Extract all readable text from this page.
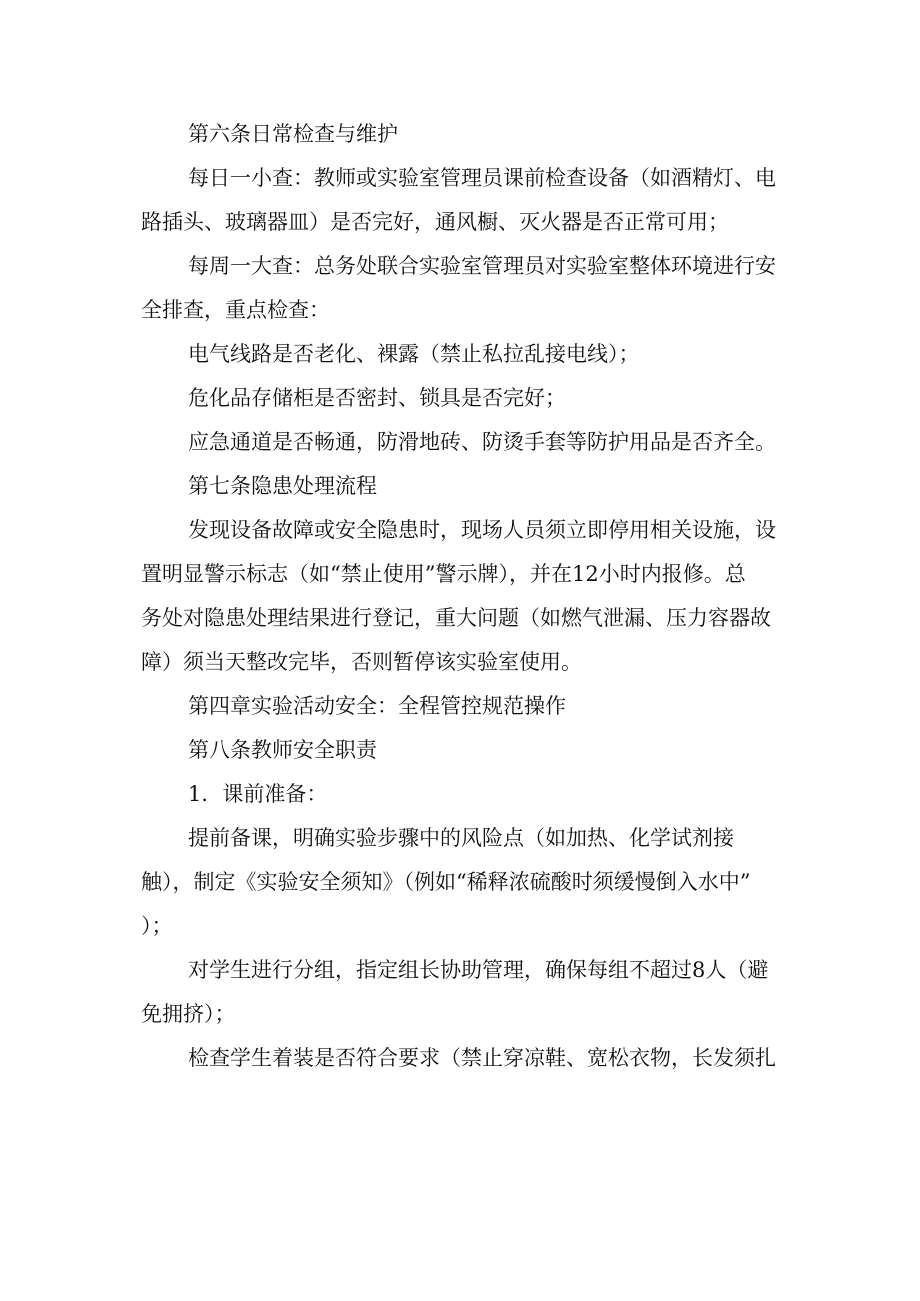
第六条日常检查与维护

每日一小查：教师或实验室管理员课前检查设备（如酒精灯、电
路插头、玻璃器皿）是否完好，通风橱、灭火器是否正常可用；

每周一大查：总务处联合实验室管理员对实验室整体环境进行安
全排查，重点检查：

电气线路是否老化、裸露（禁止私拉乱接电线）；

危化品存储柜是否密封、锁具是否完好；

应急通道是否畅通，防滑地砖、防烫手套等防护用品是否齐全。

第七条隐患处理流程

发现设备故障或安全隐患时，现场人员须立即停用相关设施，设
置明显警示标志（如“禁止使用”警示牌），并在12小时内报修。总
务处对隐患处理结果进行登记，重大问题（如燃气泄漏、压力容器故
障）须当天整改完毕，否则暂停该实验室使用。

第四章实验活动安全：全程管控规范操作

第八条教师安全职责

1．课前准备：

提前备课，明确实验步骤中的风险点（如加热、化学试剂接
触），制定《实验安全须知》（例如“稀释浓硫酸时须缓慢倒入水中”
）；

对学生进行分组，指定组长协助管理，确保每组不超过8人（避
免拥挤）；

检查学生着装是否符合要求（禁止穿凉鞋、宽松衣物，长发须扎
